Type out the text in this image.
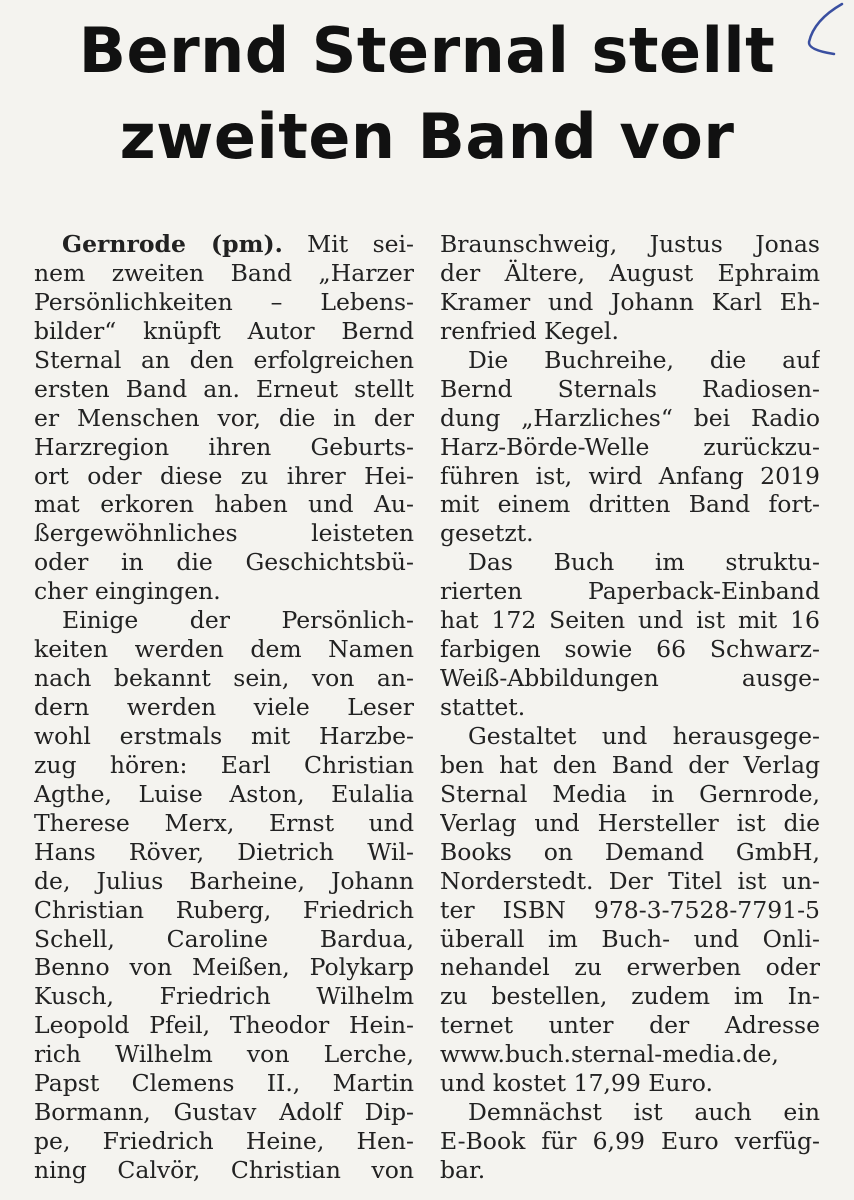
Bernd Sternal stellt
zweiten Band vor
Gernrode (pm). Mit sei-
nem zweiten Band „Harzer
Persönlichkeiten – Lebens-
bilder“ knüpft Autor Bernd
Sternal an den erfolgreichen
ersten Band an. Erneut stellt
er Menschen vor, die in der
Harzregion ihren Geburts-
ort oder diese zu ihrer Hei-
mat erkoren haben und Au-
ßergewöhnliches leisteten
oder in die Geschichtsbü-
cher eingingen.
Einige der Persönlich-
keiten werden dem Namen
nach bekannt sein, von an-
dern werden viele Leser
wohl erstmals mit Harzbe-
zug hören: Earl Christian
Agthe, Luise Aston, Eulalia
Therese Merx, Ernst und
Hans Röver, Dietrich Wil-
de, Julius Barheine, Johann
Christian Ruberg, Friedrich
Schell, Caroline Bardua,
Benno von Meißen, Polykarp
Kusch, Friedrich Wilhelm
Leopold Pfeil, Theodor Hein-
rich Wilhelm von Lerche,
Papst Clemens II., Martin
Bormann, Gustav Adolf Dip-
pe, Friedrich Heine, Hen-
ning Calvör, Christian von
Braunschweig, Justus Jonas
der Ältere, August Ephraim
Kramer und Johann Karl Eh-
renfried Kegel.
Die Buchreihe, die auf
Bernd Sternals Radiosen-
dung „Harzliches“ bei Radio
Harz-Börde-Welle zurückzu-
führen ist, wird Anfang 2019
mit einem dritten Band fort-
gesetzt.
Das Buch im struktu-
rierten Paperback-Einband
hat 172 Seiten und ist mit 16
farbigen sowie 66 Schwarz-
Weiß-Abbildungen ausge-
stattet.
Gestaltet und herausgege-
ben hat den Band der Verlag
Sternal Media in Gernrode,
Verlag und Hersteller ist die
Books on Demand GmbH,
Norderstedt. Der Titel ist un-
ter ISBN 978-3-7528-7791-5
überall im Buch- und Onli-
nehandel zu erwerben oder
zu bestellen, zudem im In-
ternet unter der Adresse
www.buch.sternal-media.de,
und kostet 17,99 Euro.
Demnächst ist auch ein
E-Book für 6,99 Euro verfüg-
bar.
